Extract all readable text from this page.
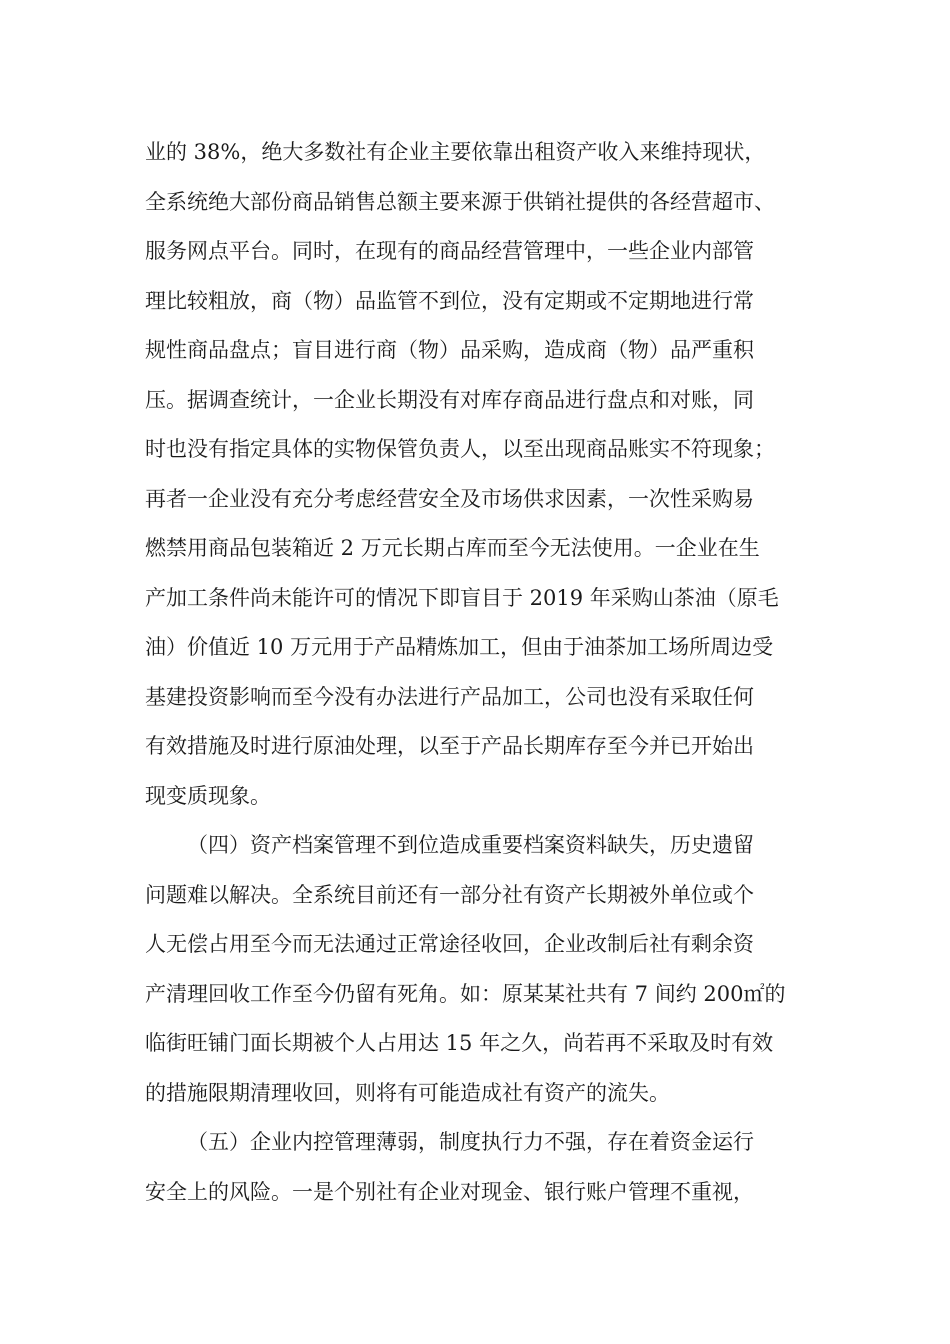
业的 38%，绝大多数社有企业主要依靠出租资产收入来维持现状，
全系统绝大部份商品销售总额主要来源于供销社提供的各经营超市、
服务网点平台。同时，在现有的商品经营管理中，一些企业内部管
理比较粗放，商（物）品监管不到位，没有定期或不定期地进行常
规性商品盘点；盲目进行商（物）品采购，造成商（物）品严重积
压。据调查统计，一企业长期没有对库存商品进行盘点和对账，同
时也没有指定具体的实物保管负责人，以至出现商品账实不符现象；
再者一企业没有充分考虑经营安全及市场供求因素，一次性采购易
燃禁用商品包装箱近 2 万元长期占库而至今无法使用。一企业在生
产加工条件尚未能许可的情况下即盲目于 2019 年采购山茶油（原毛
油）价值近 10 万元用于产品精炼加工，但由于油茶加工场所周边受
基建投资影响而至今没有办法进行产品加工，公司也没有采取任何
有效措施及时进行原油处理，以至于产品长期库存至今并已开始出
现变质现象。
（四）资产档案管理不到位造成重要档案资料缺失，历史遗留
问题难以解决。全系统目前还有一部分社有资产长期被外单位或个
人无偿占用至今而无法通过正常途径收回，企业改制后社有剩余资
产清理回收工作至今仍留有死角。如：原某某社共有 7 间约 200㎡的
临街旺铺门面长期被个人占用达 15 年之久，尚若再不采取及时有效
的措施限期清理收回，则将有可能造成社有资产的流失。
（五）企业内控管理薄弱，制度执行力不强，存在着资金运行
安全上的风险。一是个别社有企业对现金、银行账户管理不重视，
